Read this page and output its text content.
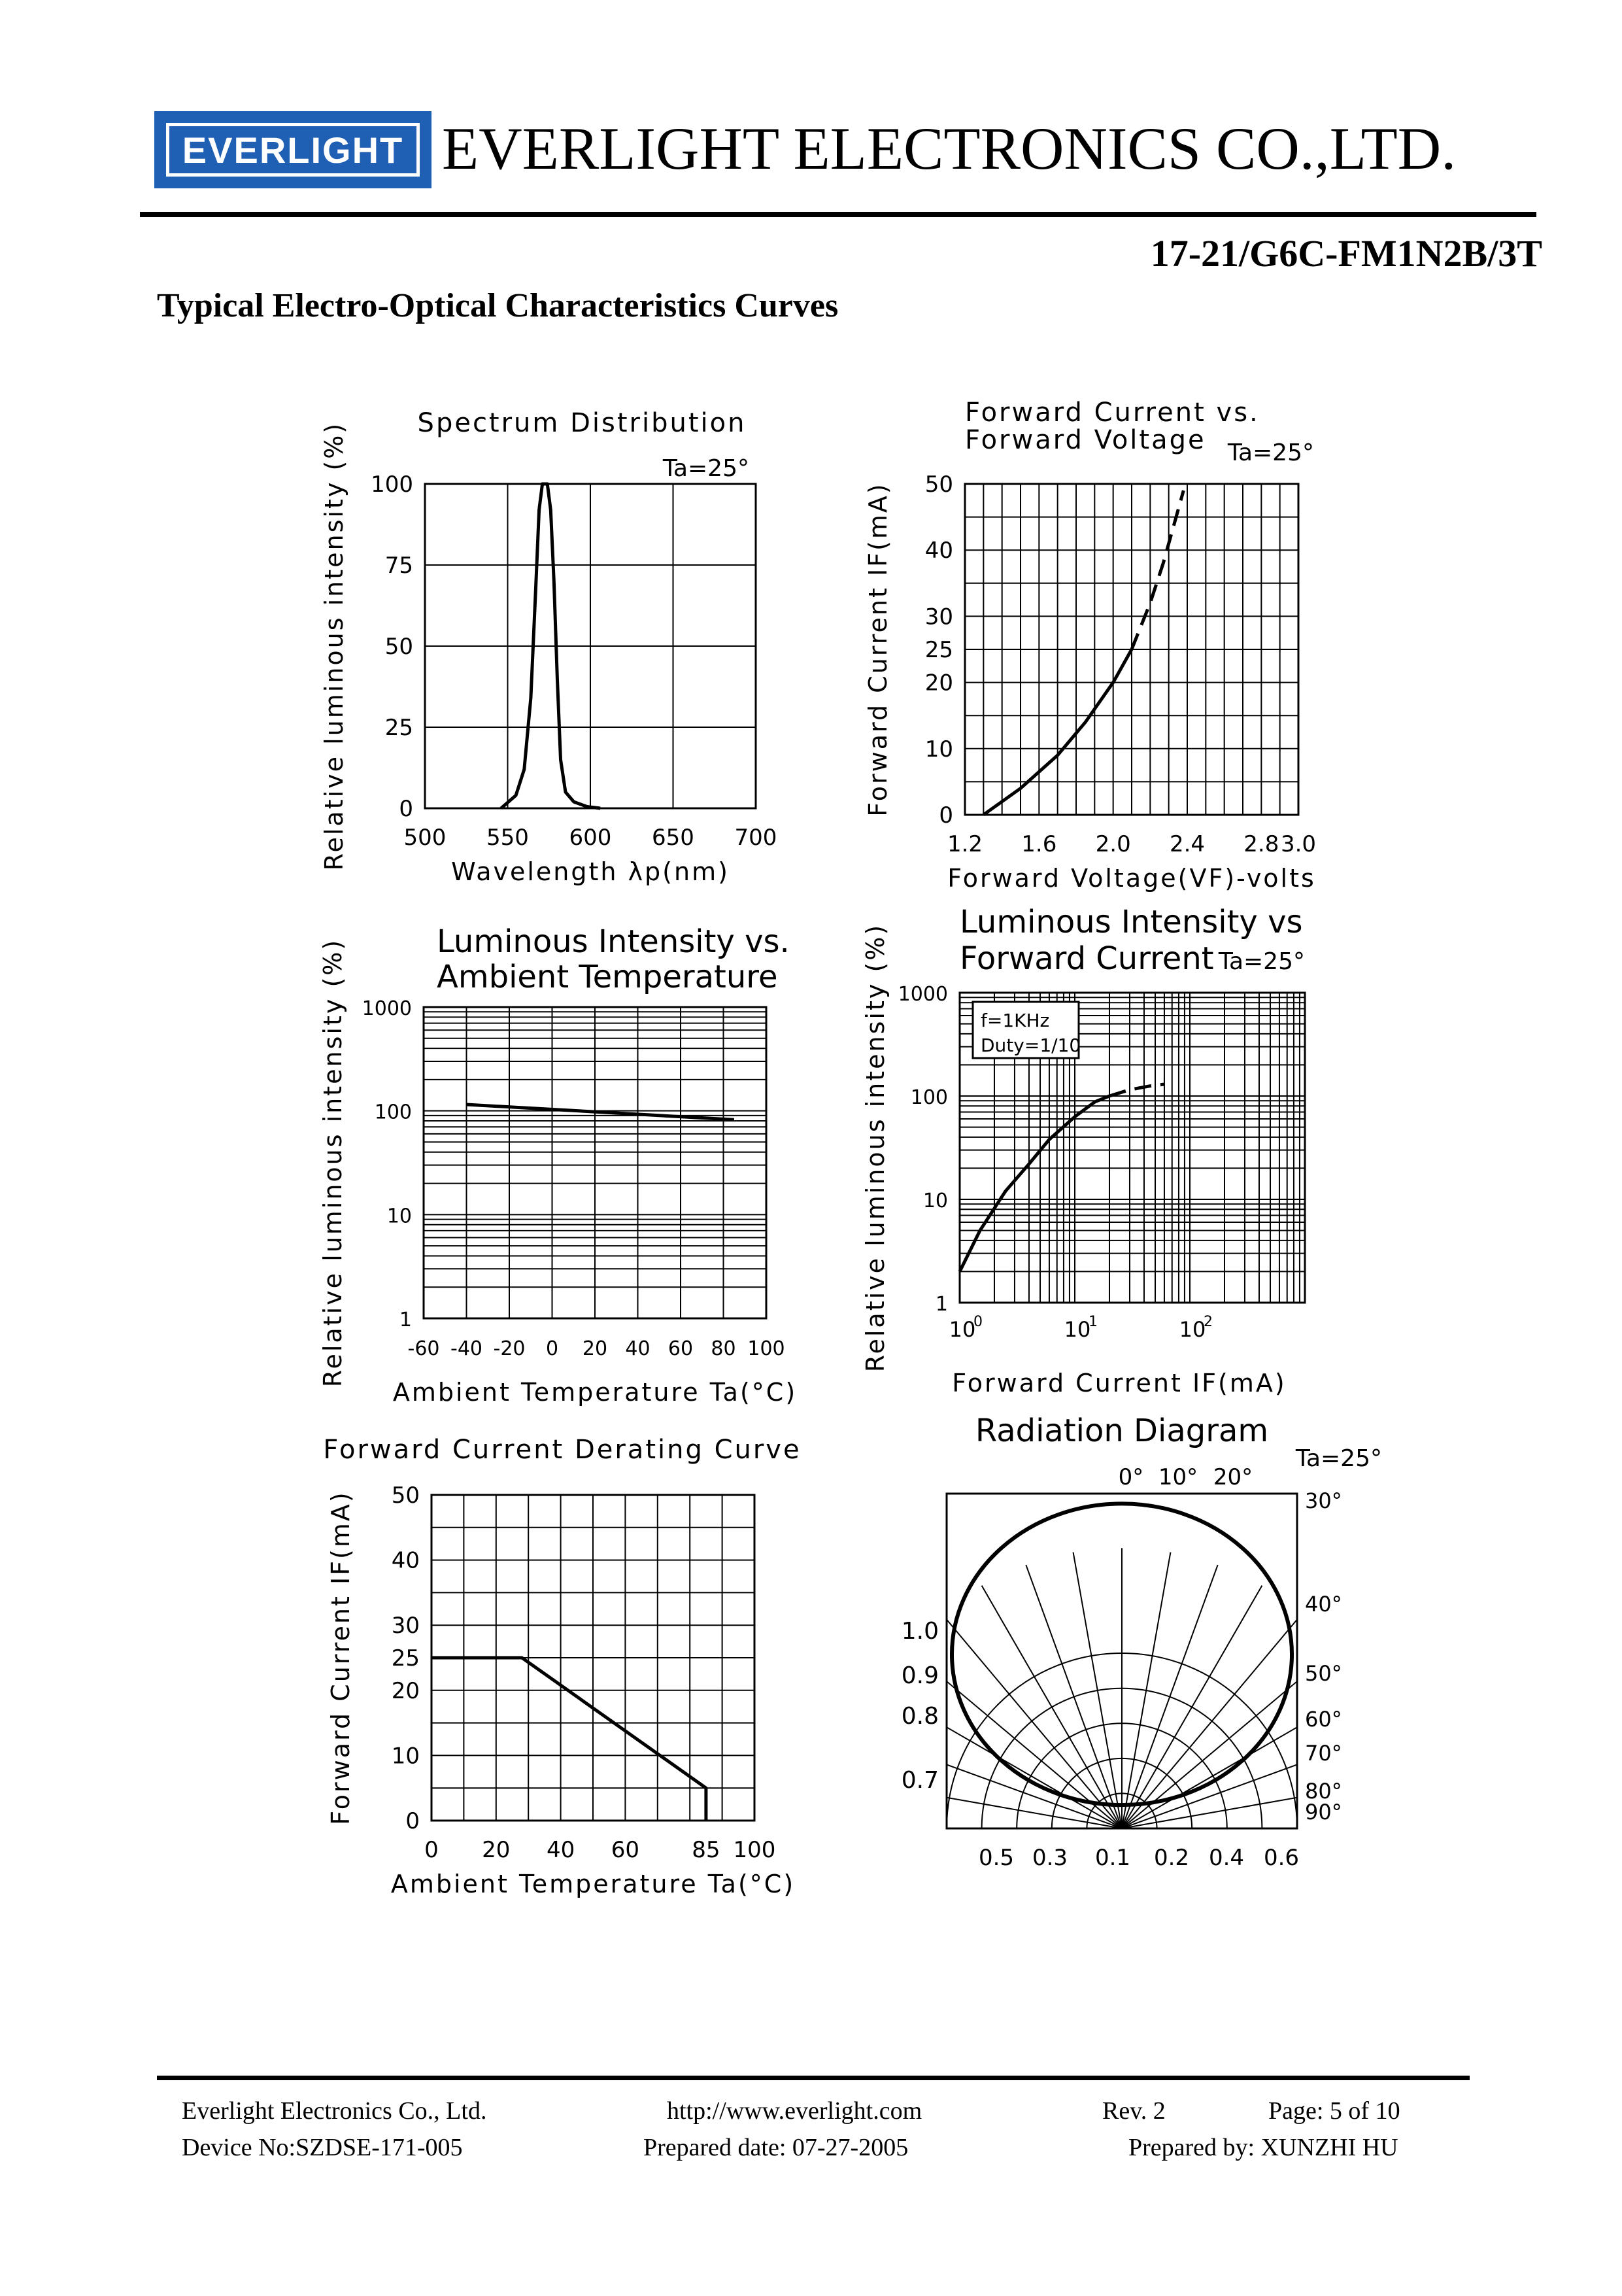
EVERLIGHT EVERLIGHT ELECTRONICS CO.,LTD.
17-21/G6C-FM1N2B/3T
Typical Electro-Optical Characteristics Curves
500 550 600 650 700
0
25
50
75
100
Wavelength λp(nm)
Relative luminous intensity (%)	Spectrum Distribution
Ta=25°
1.2 1.6 2.0 2.4 2.8 3.0
0
10
20
25
30
40
50
Forward Voltage(VF)-volts
Forward Current IF(mA)
Forward Current vs.
Forward Voltage Ta=25°
-60 -40 -20 0 20 40 60 80 100
1
10
100
1000
Ambient Temperature Ta(°C)
Relative luminous intensity (%)	Luminous Intensity vs.
Ambient Temperature
1
10
100
1000
Forward Current IF(mA)
Relative luminous intensity (%)	10
0	10
1	10
2
Luminous Intensity vs
Forward Current Ta=25°
f=1KHz
Duty=1/10
0 20 40 60 85 100
0
10
20
25
30
40
50
Ambient Temperature Ta(°C)
Forward Current IF(mA)
Forward Current Derating Curve
Radiation Diagram
Ta=25°
0° 10° 20°
30°
40°
50°
60°
70°
80°
90°
1.0
0.9
0.8
0.7
0.5 0.3 0.1 0.2 0.4 0.6
Everlight Electronics Co., Ltd.	http://www.everlight.com	Rev. 2	Page: 5 of 10
Device No:SZDSE-171-005	Prepared date: 07-27-2005	Prepared by: XUNZHI HU
